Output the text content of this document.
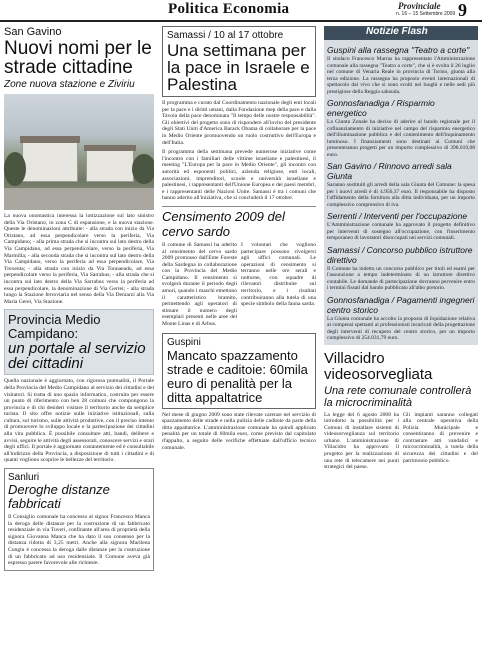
Politica Economia	Provinciale
n. 16 – 15 Settembre 2009 9
San Gavino
Nuovi nomi per le strade cittadine
Zone nuova stazione e Ziviriu
La nuova onomastica interessa la lottizzazione sul lato sinistro della Via Oristano, in zona C di espansione, e la nuova stazione. Queste le denominazioni attribuite: - alla strada con inizio da Via Oristano, ad essa perpendicolare verso la periferia, Via Campidano; - alla prima strada che si incontra sul lato destro della Via Campidano, ad essa perpendicolare, verso la periferia, Via Marmilla; - alla seconda strada che si incontra sul lato destro della Via Campidano, verso la periferia ad essa perpendicolare, Via Trexenta; - alla strada con inizio da Via Tonnaeadu, ad essa perpendicolare verso la periferia, Via Sarrabus; - alla strada che si incontra sul lato destro della Via Sarrabus verso la periferia ad essa perpendicolare, la denominazione di Via Gerrei; - alla strada lungo la Stazione ferroviaria nel senso della Via Deniarzi alla Via Maria Gerei, Via Stazione.
Provincia Medio Campidano:
un portale al servizio dei cittadini
Quella nazionale è aggiornato, con rigorosa puntualità, il Portale della Provincia del Medio Campidano al servizio dei cittadini e dei visitatori. Si tratta di uno spazio informatico, costruito per essere un punto di riferimento con ben 28 comuni che compongono la provincia e di chi desideri visitare il territorio anche da semplice turista. Il sito offre notizie sulle iniziative istituzionali, sulla cultura, sul turismo, sulle attività produttive, con il preciso intento di promuovere lo sviluppo locale e la partecipazione dei cittadini alla vita pubblica. È possibile consultare atti, bandi, delibere e avvisi, seguire le attività degli assessorati, conoscere servizi e orari degli uffici. Il portale è aggiornato costantemente ed è consultabile all'indirizzo della Provincia, a disposizione di tutti i cittadini e di quanti vogliono scoprire le bellezze del territorio.
Sanluri
Deroghe distanze fabbricati
Il Consiglio comunale ha concesso al signor Francesco Manca la deroga delle distanze per la costruzione di un fabbricato residenziale in via Tuveri, confinante all'area di proprietà della signora Giovanna Manca che ha dato il suo consenso per la distanza ridotta di 3,25 metri. Anche alla signora Marilena Congiu è concessa la deroga dalle distanze per la costruzione di un fabbricato ad uso residenziale. Il Comune aveva già espresso parere favorevole alle richieste.
Samassi / 10 al 17 ottobre
Una settimana per la pace in Israele e Palestina
Il programma e curato dal Coordinamento nazionale degli enti locali per la pace e i diritti umani, dalla Fondazione mep della pace e dalla Tavola della pace denominata "Il tempo delle nostre responsabilità". Gli obiettivi del progetto sono di rispondere all'invito del presidente degli Stati Uniti d'America Barack Obama di collaborare per la pace in Medio Oriente promuovendo un ruolo costruttivo dell'Europa e dell'Italia.
Il programma della settimana prevede numerose iniziative come l'incontro con i familiari delle vittime israeliane e palestinesi, il meeting "L'Europa per la pace in Medio Oriente", gli incontri con autorità ed esponenti politici, azienda religiose, enti locali, associazioni, imprenditori, scuole e università israeliane e palestinesi, i rappresentanti dell'Unione Europea e dei paesi membri, e i rappresentanti delle Nazioni Unite. Samassi è tra i comuni che hanno aderito all'iniziativa, che si concluderà il 17 ottobre.
Censimento 2009 del cervo sardo
Il comune di Samassi ha aderito al censimento del cervo sardo 2009 promosso dall'Ente Foreste della Sardegna in collaborazione con la Provincia del Medio Campidano. Il censimento si svolgerà durante il periodo degli amori, quando i maschi emettono il caratteristico bramito, permettendo agli operatori di stimare il numero degli esemplari presenti nelle aree del Monte Linas e di Arbus.
I volontari che vogliono partecipare possono rivolgersi agli uffici comunali. Le operazioni di censimento si terranno nelle ore serali e notturne, con squadre di rilevatori distribuite sul territorio, e i risultati contribuiranno alla tutela di una specie simbolo della fauna sarda.
Guspini
Mancato spazzamento strade e caditoie: 60mila euro di penalità per la ditta appaltatrice
Nel mese di giugno 2009 sono state rilevate carenze nel servizio di spazzamento delle strade e nella pulizia delle caditoie da parte della ditta appaltatrice. L'amministrazione comunale ha quindi applicato penalità per un totale di 60mila euro, come previsto dal capitolato d'appalto, a seguito delle verifiche effettuate dall'ufficio tecnico comunale.
Notizie Flash
Guspini alla rassegna "Teatro a corte"
Il sindaco Francesco Marras ha rappresentato l'Amministrazione comunale alla rassegna "Teatro a corte", che si è svolta il 26 luglio nel comune di Venaria Reale in provincia di Torino, giunta alla terza edizione. La rassegna ha proposto eventi internazionali di spettacolo dal vivo che si sono svolti nei luoghi e nelle sedi più prestigiose della Reggia sabauda.
Gonnosfanadiga / Risparmio energetico
La Giunta Zonale ha deciso di aderire al bando regionale per il cofinanziamento di iniziative nel campo del risparmio energetico dell'illuminazione pubblica e del contenimento dell'inquinamento luminoso. I finanziamenti sono destinati ai Comuni che presenteranno progetti per un importo complessivo di 398.019,08 euro.
San Gavino / Rinnovo arredi sala Giunta
Saranno sostituiti gli arredi della sala Giunta del Comune: la spesa per i nuovi arredi è di 4.956,37 euro. Il responsabile ha disposto l'affidamento della fornitura alla ditta individuata, per un importo complessivo comprensivo di iva.
Serrenti / Interventi per l'occupazione
L'Amministrazione comunale ha approvato il progetto definitivo per interventi di sostegno all'occupazione, con l'inserimento temporaneo di lavoratori disoccupati nei servizi comunali.
Samassi / Concorso pubblico istruttore direttivo
Il Comune ha indetto un concorso pubblico per titoli ed esami per l'assunzione a tempo indeterminato di un istruttore direttivo contabile. Le domande di partecipazione dovranno pervenire entro i termini fissati dal bando pubblicato all'albo pretorio.
Gonnosfanadiga / Pagamenti ingegneri centro storico
La Giunta comunale ha accolto la proposta di liquidazione relativa ai compensi spettanti ai professionisti incaricati della progettazione degli interventi di recupero del centro storico, per un importo complessivo di 254.031,79 euro.
Villacidro videosorvegliata
Una rete comunale controllerà la microcriminalità
La legge del 6 agosto 2008 ha introdotto la possibilità per i Comuni di installare sistemi di videosorveglianza sul territorio urbano. L'amministrazione di Villacidro ha approvato il progetto per la realizzazione di una rete di telecamere nei punti strategici del paese.
Gli impianti saranno collegati alla centrale operativa della Polizia Municipale e consentiranno di prevenire e contrastare atti vandalici e microcriminalità, a tutela della sicurezza dei cittadini e del patrimonio pubblico.
